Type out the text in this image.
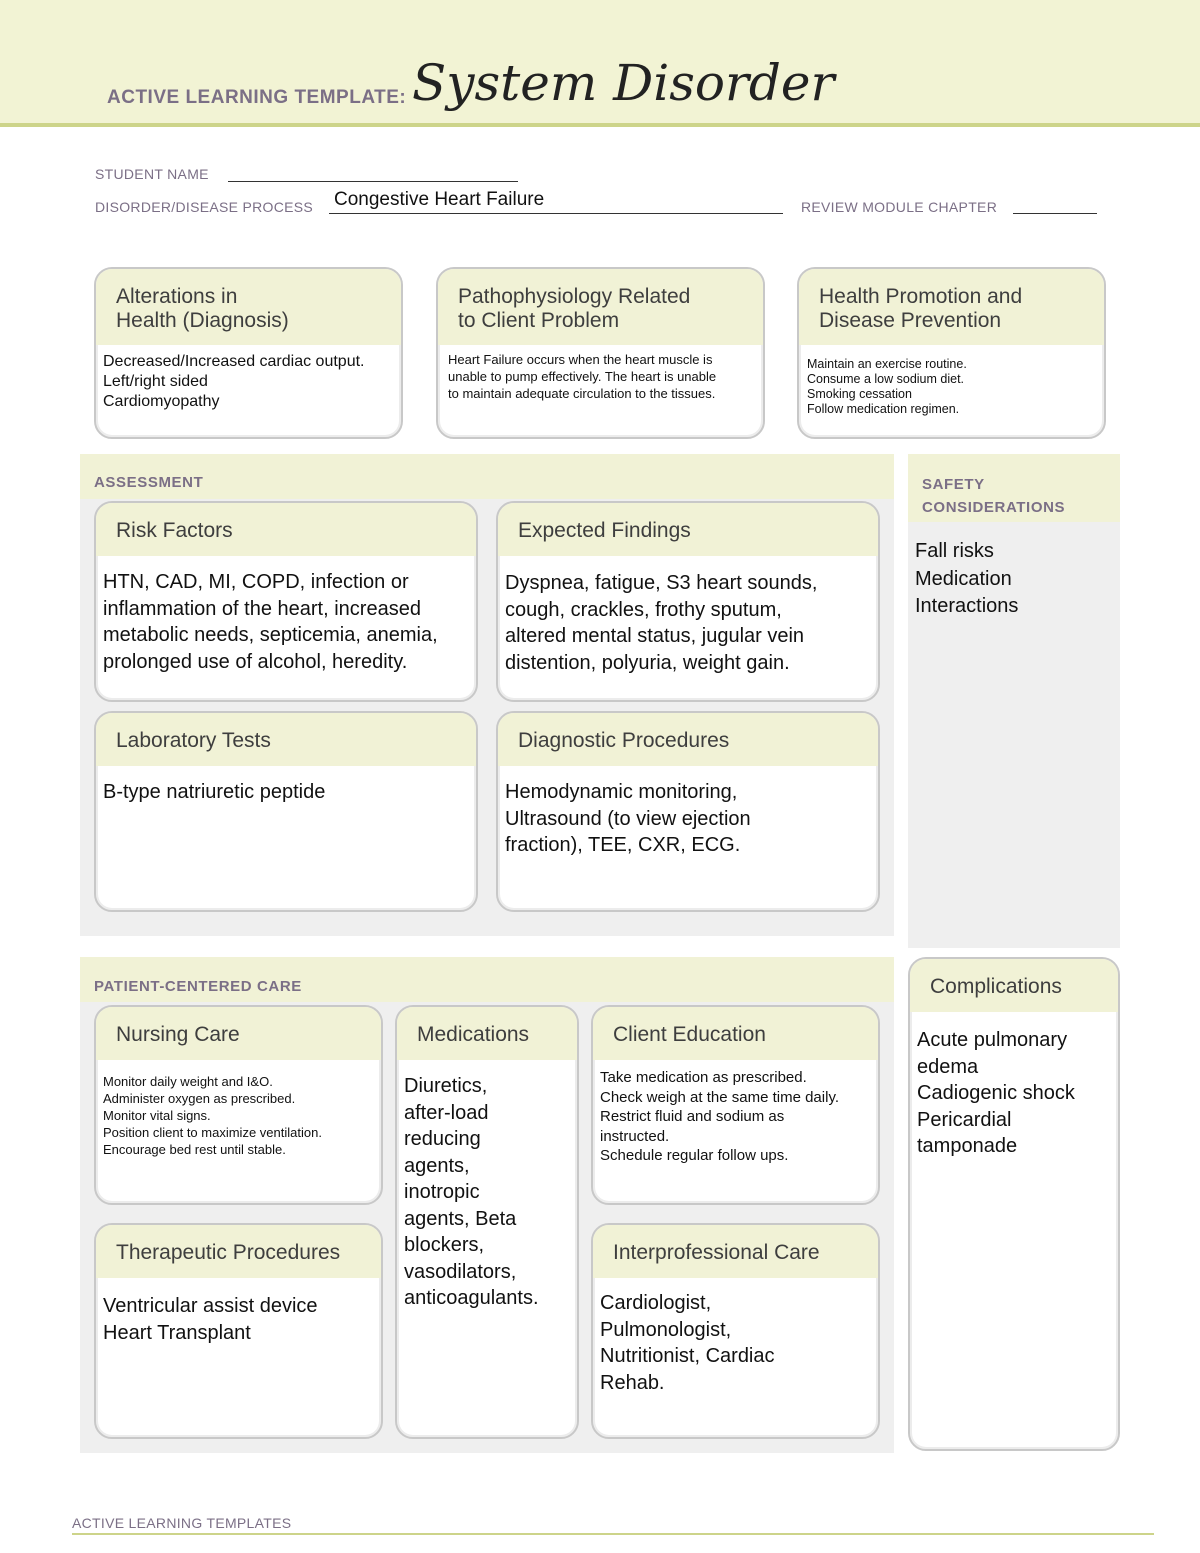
ACTIVE LEARNING TEMPLATE: System Disorder
STUDENT NAME
DISORDER/DISEASE PROCESS Congestive Heart Failure	REVIEW MODULE CHAPTER
Alterations in
Health (Diagnosis)
Decreased/Increased cardiac output.
Left/right sided
Cardiomyopathy
Pathophysiology Related
to Client Problem
Heart Failure occurs when the heart muscle is
unable to pump effectively. The heart is unable
to maintain adequate circulation to the tissues.
Health Promotion and
Disease Prevention
Maintain an exercise routine.
Consume a low sodium diet.
Smoking cessation
Follow medication regimen.
ASSESSMENT
Risk Factors
HTN, CAD, MI, COPD, infection or
inflammation of the heart, increased
metabolic needs, septicemia, anemia,
prolonged use of alcohol, heredity.
Expected Findings
Dyspnea, fatigue, S3 heart sounds,
cough, crackles, frothy sputum,
altered mental status, jugular vein
distention, polyuria, weight gain.
Laboratory Tests
B-type natriuretic peptide
Diagnostic Procedures
Hemodynamic monitoring,
Ultrasound (to view ejection
fraction), TEE, CXR, ECG.
SAFETY
CONSIDERATIONS
Fall risks
Medication
Interactions
PATIENT-CENTERED CARE
Nursing Care
Monitor daily weight and I&O.
Administer oxygen as prescribed.
Monitor vital signs.
Position client to maximize ventilation.
Encourage bed rest until stable.
Medications
Diuretics,
after-load
reducing
agents,
inotropic
agents, Beta
blockers,
vasodilators,
anticoagulants.
Client Education
Take medication as prescribed.
Check weigh at the same time daily.
Restrict fluid and sodium as
instructed.
Schedule regular follow ups.
Therapeutic Procedures
Ventricular assist device
Heart Transplant
Interprofessional Care
Cardiologist,
Pulmonologist,
Nutritionist, Cardiac
Rehab.
Complications
Acute pulmonary
edema
Cadiogenic shock
Pericardial
tamponade
ACTIVE LEARNING TEMPLATES
